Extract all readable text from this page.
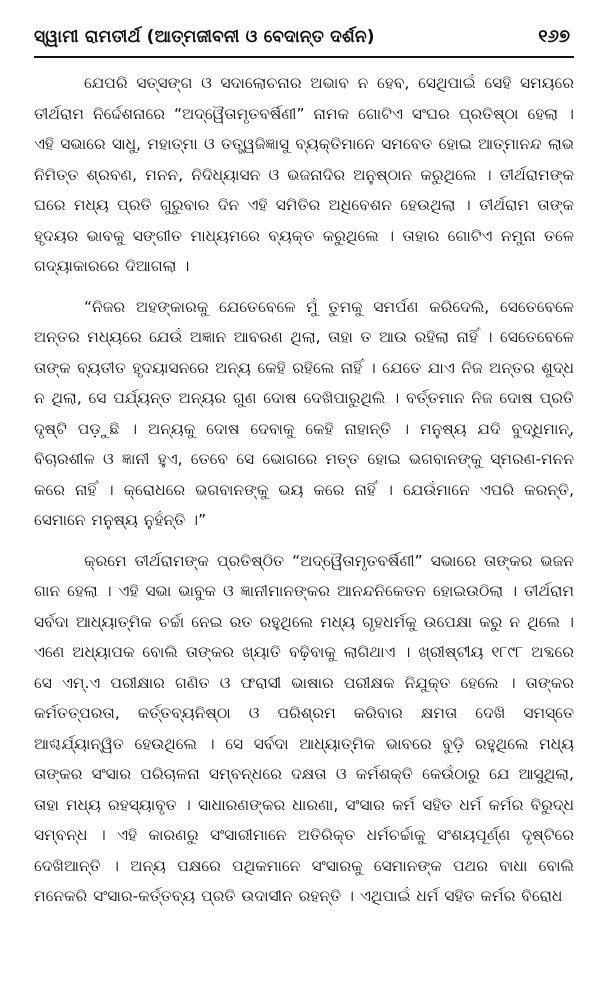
ସ୍ୱାମୀ ରାମତୀର୍ଥ (ଆତ୍ମଜୀବନୀ ଓ ବେଦାନ୍ତ ଦର୍ଶନ)	୧୬୭

ଯେପରି ସତ୍‌ସଙ୍ଗ ଓ ସଦାଲୋଚନାର ଅଭାବ ନ ହେବ, ସେଥିପାଇଁ ସେହି ସମୟରେ ତୀର୍ଥରାମ ନିର୍ଦ୍ଦେଶନାରେ “ଅଦ୍ୱୈତାମୃତବର୍ଷିଣୀ” ନାମକ ଗୋଟିଏ ସଂଘର ପ୍ରତିଷ୍ଠା ହେଲା । ଏହି ସଭାରେ ସାଧୁ, ମହାତ୍ମା ଓ ତତ୍ତ୍ୱଜିଜ୍ଞାସୁ ବ୍ୟକ୍ତିମାନେ ସମବେତ ହୋଇ ଆତ୍ମାନନ୍ଦ ଲାଭ ନିମିତ୍ତ ଶ୍ରବଣ, ମନନ, ନିଦିଧ୍ୟାସନ ଓ ଭଜନାଦିର ଅନୁଷ୍ଠାନ କରୁଥିଲେ । ତୀର୍ଥରାମଙ୍କ ଘରେ ମଧ୍ୟ ପ୍ରତି ଗୁରୁବାର ଦିନ ଏହି ସମିତିର ଅଧିବେଶନ ହେଉଥିଲା । ତୀର୍ଥରାମ ତାଙ୍କ ହୃଦୟର ଭାବକୁ ସଙ୍ଗୀତ ମାଧ୍ୟମରେ ବ୍ୟକ୍ତ କରୁଥିଲେ । ତାହାର ଗୋଟିଏ ନମୁନା ତଳେ ଗଦ୍ୟାକାରରେ ଦିଆଗଲା ।

“ନିଜର ଅହଙ୍କାରକୁ ଯେତେବେଳେ ମୁଁ ତୁମକୁ ସମର୍ପଣ କରିଦେଲି, ସେତେବେଳେ ଅନ୍ତର ମଧ୍ୟରେ ଯେଉଁ ଅଜ୍ଞାନ ଆବରଣ ଥିଲା, ତାହା ତ ଆଉ ରହିଲା ନାହିଁ । ସେତେବେଳେ ତାଙ୍କ ବ୍ୟତୀତ ହୃଦୟାସନରେ ଅନ୍ୟ କେହି ରହିଲେ ନାହିଁ । ଯେତେ ଯାଏ ନିଜ ଅନ୍ତର ଶୁଦ୍ଧ ନ ଥିଲା, ସେ ପର୍ଯ୍ୟନ୍ତ ଅନ୍ୟର ଗୁଣ ଦୋଷ ଦେଖିପାରୁଥିଲି । ବର୍ତ୍ତମାନ ନିଜ ଦୋଷ ପ୍ରତି ଦୃଷ୍ଟି ପଡ଼ୁଛି । ଅନ୍ୟକୁ ଦୋଷ ଦେବାକୁ କେହି ନାହାନ୍ତି । ମନୁଷ୍ୟ ଯଦି ବୁଦ୍ଧିମାନ୍‌, ବିଚାରଶୀଳ ଓ ଜ୍ଞାନୀ ହୁଏ, ତେବେ ସେ ଭୋଗରେ ମତ୍ତ ହୋଇ ଭଗବାନଙ୍କୁ ସ୍ମରଣ-ମନନ କରେ ନାହିଁ । କ୍ରୋଧରେ ଭଗବାନଙ୍କୁ ଭୟ କରେ ନାହିଁ । ଯେଉଁମାନେ ଏପରି କରନ୍ତି, ସେମାନେ ମନୁଷ୍ୟ ନୁହଁନ୍ତି ।”

କ୍ରମେ ତୀର୍ଥରାମଙ୍କ ପ୍ରତିଷ୍ଠିତ “ଅଦ୍ୱୈତାମୃତବର୍ଷିଣୀ” ସଭାରେ ତାଙ୍କର ଭଜନ ଗାନ ହେଲା । ଏହି ସଭା ଭାବୁକ ଓ ଜ୍ଞାନୀମାନଙ୍କର ଆନନ୍ଦନିକେତନ ହୋଇଉଠିଲା । ତୀର୍ଥରାମ ସର୍ବଦା ଆଧ୍ୟାତ୍ମିକ ଚର୍ଚ୍ଚା ନେଇ ରତ ରହୁଥିଲେ ମଧ୍ୟ ଗୃହଧର୍ମକୁ ଉପେକ୍ଷା କରୁ ନ ଥିଲେ । ଏଣେ ଅଧ୍ୟାପକ ବୋଲି ତାଙ୍କର ଖ୍ୟାତି ବଢ଼ିବାକୁ ଲାଗିଥାଏ । ଖ୍ରୀଷ୍ଟୀୟ ୧୮୯୮ ଅବ୍ଦରେ ସେ ଏମ୍‌.ଏ ପରୀକ୍ଷାର ଗଣିତ ଓ ଫରାସୀ ଭାଷାର ପରୀକ୍ଷକ ନିଯୁକ୍ତ ହେଲେ । ତାଙ୍କର କର୍ମତତ୍ପରତା, କର୍ତ୍ତବ୍ୟନିଷ୍ଠା ଓ ପରିଶ୍ରମ କରିବାର କ୍ଷମତା ଦେଖି ସମସ୍ତେ ଆଶ୍ଚର୍ଯ୍ୟାନ୍ୱିତ ହେଉଥିଲେ । ସେ ସର୍ବଦା ଆଧ୍ୟାତ୍ମିକ ଭାବରେ ବୁଡ଼ି ରହୁଥିଲେ ମଧ୍ୟ ତାଙ୍କର ସଂସାର ପରିଚାଳନା ସମ୍ବନ୍ଧରେ ଦକ୍ଷତା ଓ କର୍ମଶକ୍ତି କେଉଁଠାରୁ ଯେ ଆସୁଥିଲା, ତାହା ମଧ୍ୟ ରହସ୍ୟାବୃତ । ସାଧାରଣଙ୍କର ଧାରଣା, ସଂସାର କର୍ମ ସହିତ ଧର୍ମ କର୍ମର ବିରୁଦ୍ଧ ସମ୍ବନ୍ଧ । ଏହି କାରଣରୁ ସଂସାରୀମାନେ ଅତିରିକ୍ତ ଧର୍ମଚର୍ଚ୍ଚାକୁ ସଂଶୟପୂର୍ଣ୍ଣ ଦୃଷ୍ଟିରେ ଦେଖିଆନ୍ତି । ଅନ୍ୟ ପକ୍ଷରେ ପଥିକମାନେ ସଂସାରକୁ ସେମାନଙ୍କ ପଥର ବାଧା ବୋଲି ମନେକରି ସଂସାର-କର୍ତ୍ତବ୍ୟ ପ୍ରତି ଉଦାସୀନ ରହନ୍ତି । ଏଥିପାଇଁ ଧର୍ମ ସହିତ କର୍ମର ବିରୋଧ
